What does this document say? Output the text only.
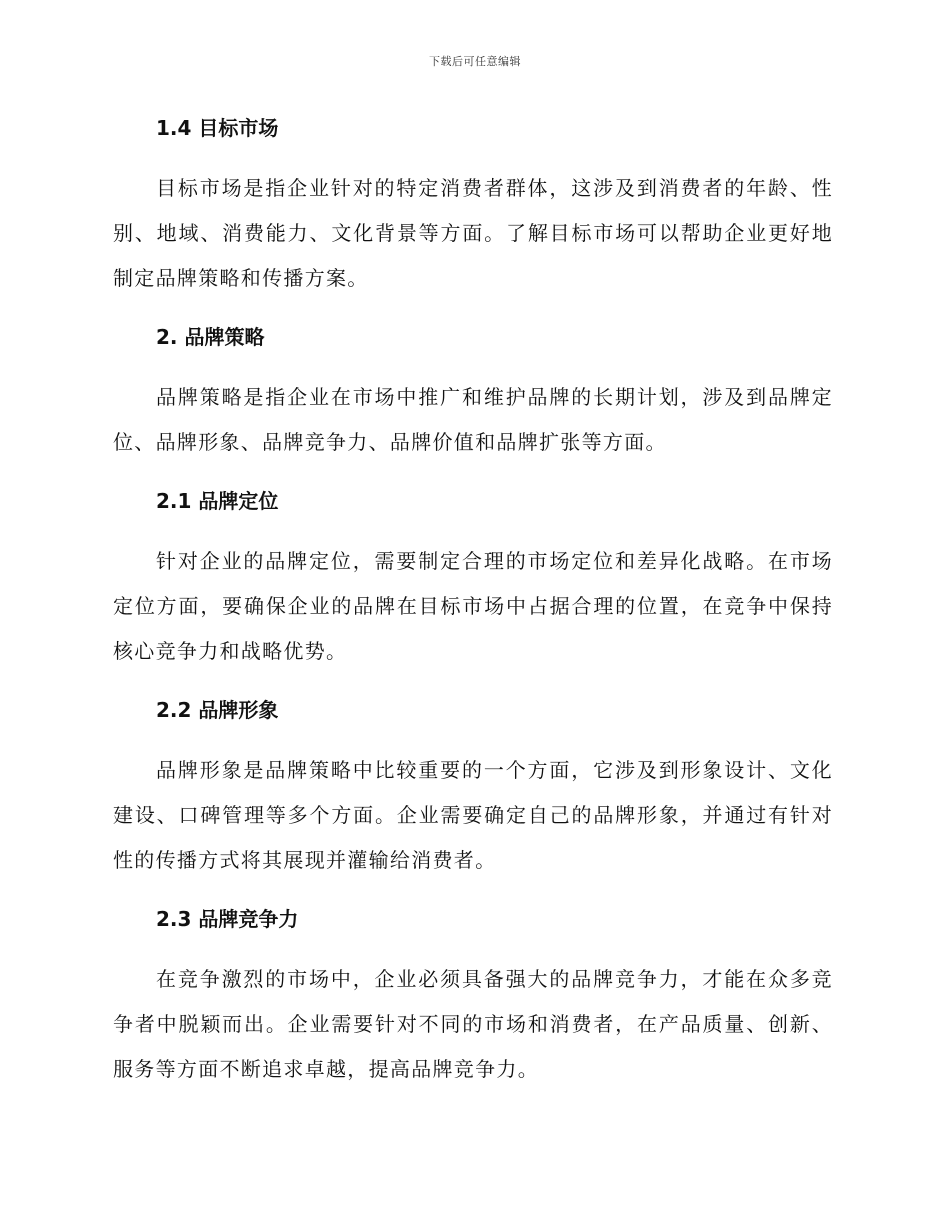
下载后可任意编辑
1.4 目标市场

目标市场是指企业针对的特定消费者群体，这涉及到消费者的年龄、性别、地域、消费能力、文化背景等方面。了解目标市场可以帮助企业更好地制定品牌策略和传播方案。

2. 品牌策略

品牌策略是指企业在市场中推广和维护品牌的长期计划，涉及到品牌定位、品牌形象、品牌竞争力、品牌价值和品牌扩张等方面。

2.1 品牌定位

针对企业的品牌定位，需要制定合理的市场定位和差异化战略。在市场定位方面，要确保企业的品牌在目标市场中占据合理的位置，在竞争中保持核心竞争力和战略优势。

2.2 品牌形象

品牌形象是品牌策略中比较重要的一个方面，它涉及到形象设计、文化建设、口碑管理等多个方面。企业需要确定自己的品牌形象，并通过有针对性的传播方式将其展现并灌输给消费者。

2.3 品牌竞争力

在竞争激烈的市场中，企业必须具备强大的品牌竞争力，才能在众多竞争者中脱颖而出。企业需要针对不同的市场和消费者，在产品质量、创新、服务等方面不断追求卓越，提高品牌竞争力。
